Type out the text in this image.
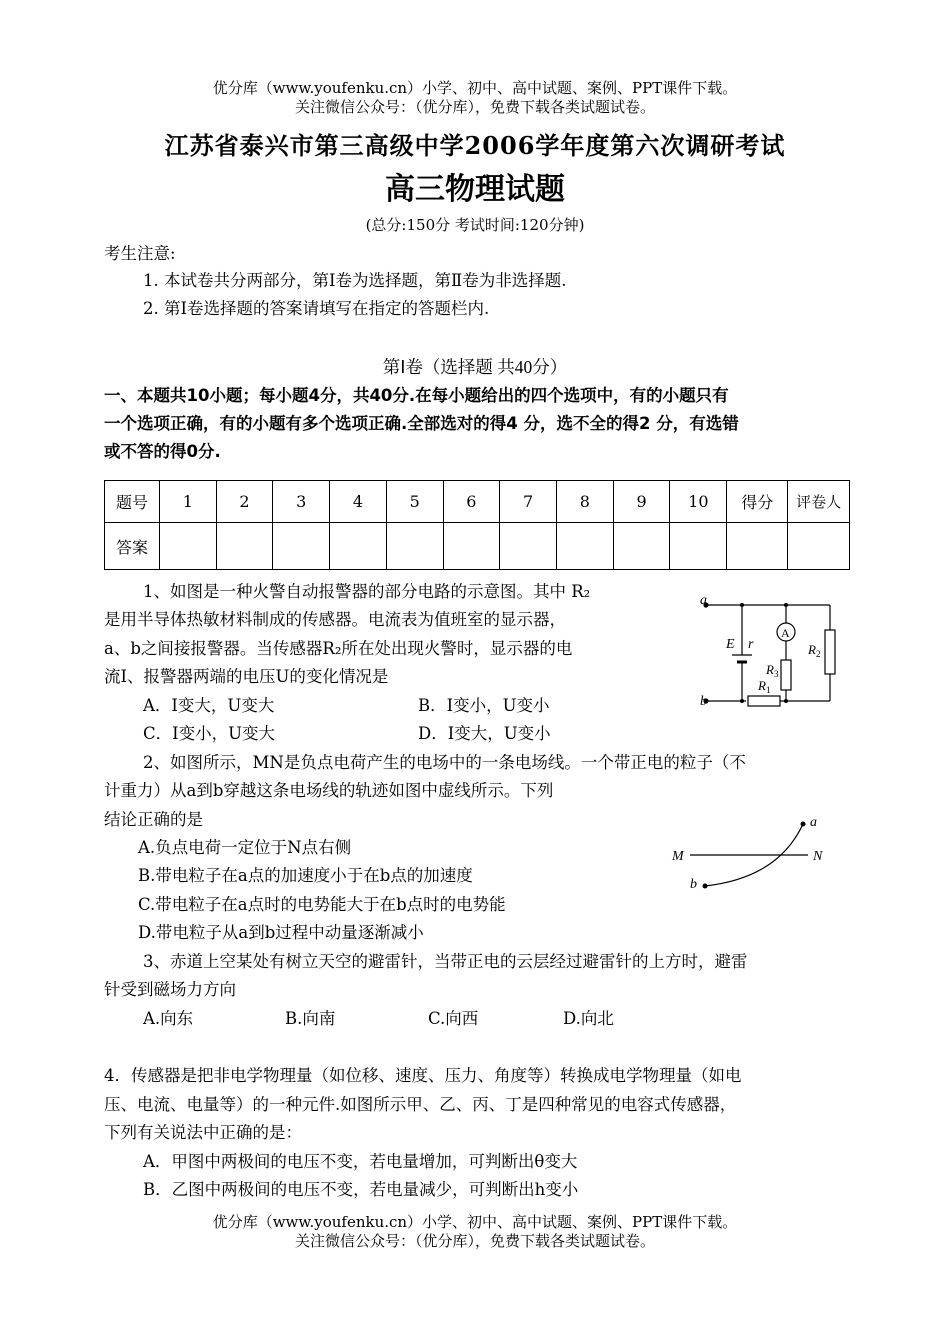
优分库（www.youfenku.cn）小学、初中、高中试题、案例、PPT课件下载。
关注微信公众号：（优分库），免费下载各类试题试卷。
江苏省泰兴市第三高级中学2006学年度第六次调研考试
高三物理试题
(总分:150分 考试时间:120分钟)
考生注意:
1. 本试卷共分两部分，第Ⅰ卷为选择题，第Ⅱ卷为非选择题.
2. 第Ⅰ卷选择题的答案请填写在指定的答题栏内.
第Ⅰ卷（选择题 共40分）
一、本题共10小题；每小题4分，共40分.在每小题给出的四个选项中，有的小题只有
一个选项正确，有的小题有多个选项正确.全部选对的得4 分，选不全的得2 分，有选错
或不答的得0分.
题号	1	2	3	4	5	6	7	8	9	10	得分	评卷人
答案												
1、如图是一种火警自动报警器的部分电路的示意图。其中 R₂
是用半导体热敏材料制成的传感器。电流表为值班室的显示器，
a、b之间接报警器。当传感器R₂所在处出现火警时，显示器的电
流I、报警器两端的电压U的变化情况是
A．I变大，U变大	B．I变小，U变小
C．I变小，U变大	D．I变大，U变小
a
b
E r
A
$R_2$
$R_3$
$R_1$
2、如图所示，MN是负点电荷产生的电场中的一条电场线。一个带正电的粒子（不
计重力）从a到b穿越这条电场线的轨迹如图中虚线所示。下列
结论正确的是
A.负点电荷一定位于N点右侧
B.带电粒子在a点的加速度小于在b点的加速度
C.带电粒子在a点时的电势能大于在b点时的电势能
D.带电粒子从a到b过程中动量逐渐减小
a
b
M	N
3、赤道上空某处有树立天空的避雷针，当带正电的云层经过避雷针的上方时，避雷
针受到磁场力方向
A.向东	B.向南	C.向西	D.向北
4．传感器是把非电学物理量（如位移、速度、压力、角度等）转换成电学物理量（如电
压、电流、电量等）的一种元件.如图所示甲、乙、丙、丁是四种常见的电容式传感器，
下列有关说法中正确的是：
A．甲图中两极间的电压不变，若电量增加，可判断出θ变大
B．乙图中两极间的电压不变，若电量减少，可判断出h变小
优分库（www.youfenku.cn）小学、初中、高中试题、案例、PPT课件下载。
关注微信公众号：（优分库），免费下载各类试题试卷。
